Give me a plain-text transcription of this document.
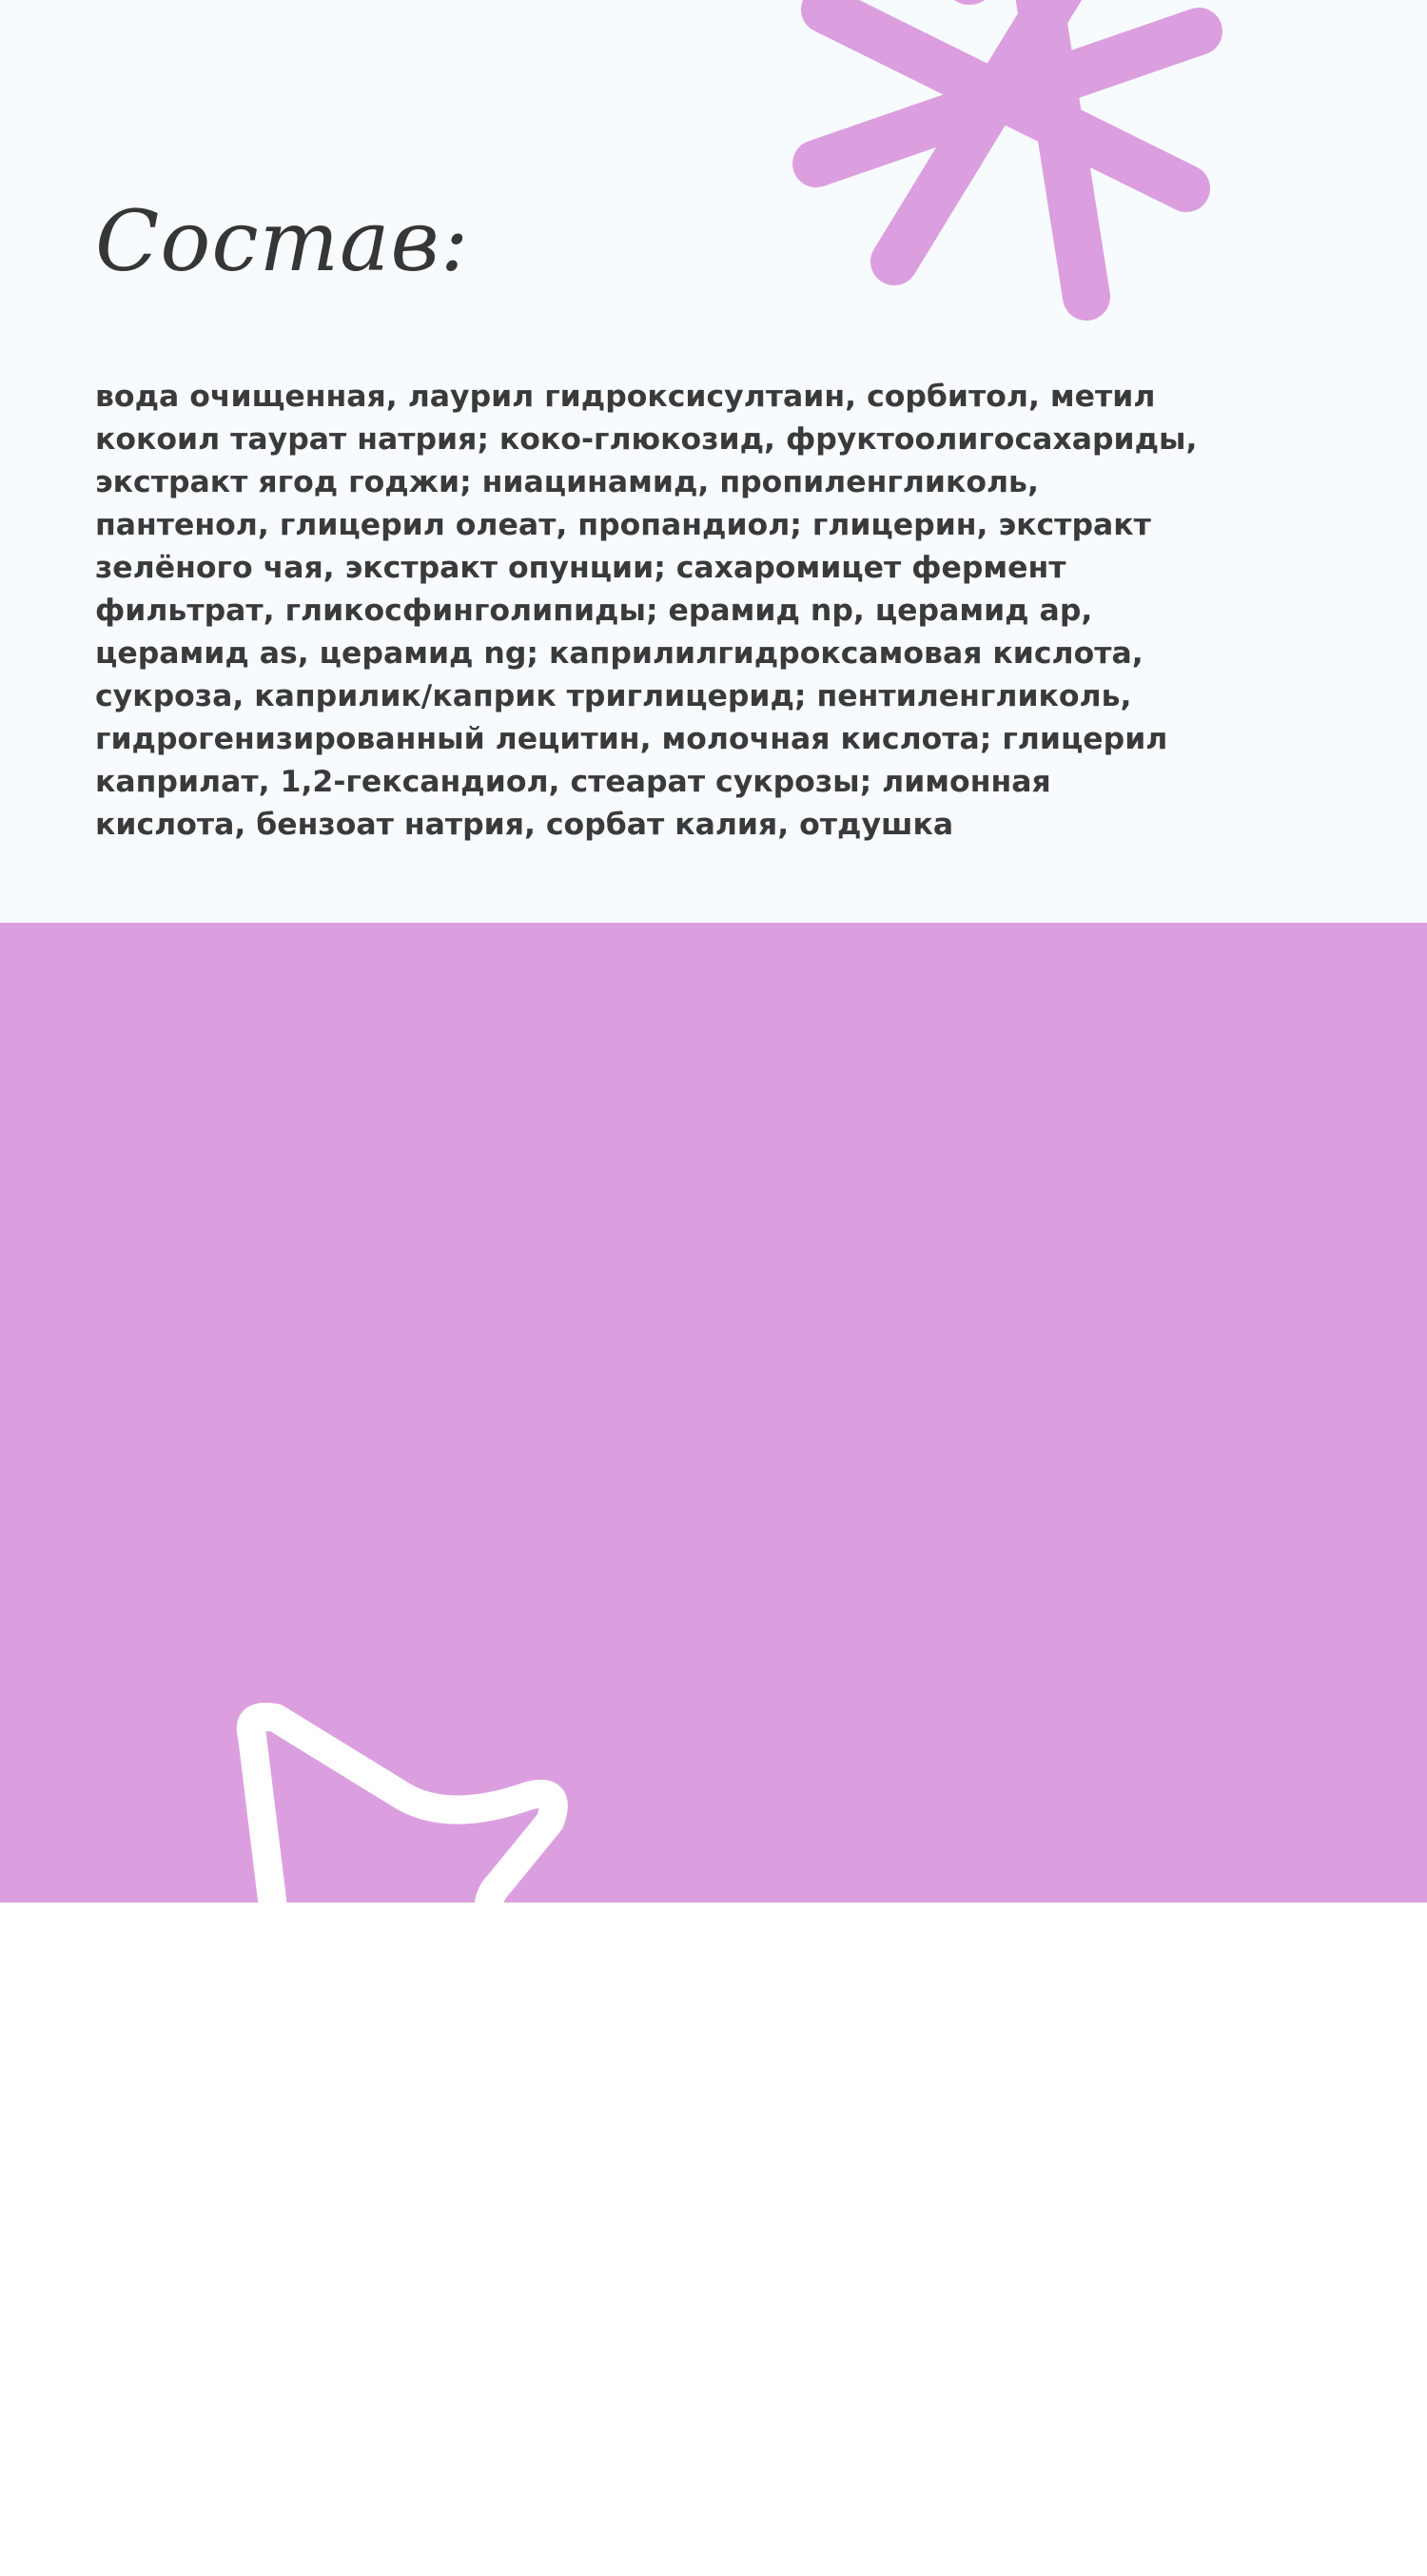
Состав:

вода очищенная, лаурил гидроксисултаин, сорбитол, метил
кокоил таурат натрия; коко-глюкозид, фруктоолигосахариды,
экстракт ягод годжи; ниацинамид, пропиленгликоль,
пантенол, глицерил олеат, пропандиол; глицерин, экстракт
зелёного чая, экстракт опунции; сахаромицет фермент
фильтрат, гликосфинголипиды; ерамид np, церамид ap,
церамид as, церамид ng; каприлилгидроксамовая кислота,
сукроза, каприлик/каприк триглицерид; пентиленгликоль,
гидрогенизированный лецитин, молочная кислота; глицерил
каприлат, 1,2-гександиол, стеарат сукрозы; лимонная
кислота, бензоат натрия, сорбат калия, отдушка

Inci

aqua, lauryl hydroxysultaine, sorbitol, sodium
methyl cocoyl taurate, coco glucoside,
fructooligosaccharides, lycium chinense fruit extract,
niacinamide, propylene glycol, panthenol, glyceryl oleate,
propanediol, glycerin, camellia sinensis leaf extract, opuntia
ficus-indica flower extract, saccharomyces ferment filtrate,
glycosphingolipids, ceramide np, ceramide ap, ceramide as,
ceramide ng, caprylhydroxamic acid, sucrose, caprylic/capric
triglyceride, pentylene glycol, hydrogenated lecithin, lactic
acid, glycerylcaprylate, 1,2-hexanediol, sucrose stearate, citric
acid, pota ssium sorbate, sodium benzoate, parfum.
